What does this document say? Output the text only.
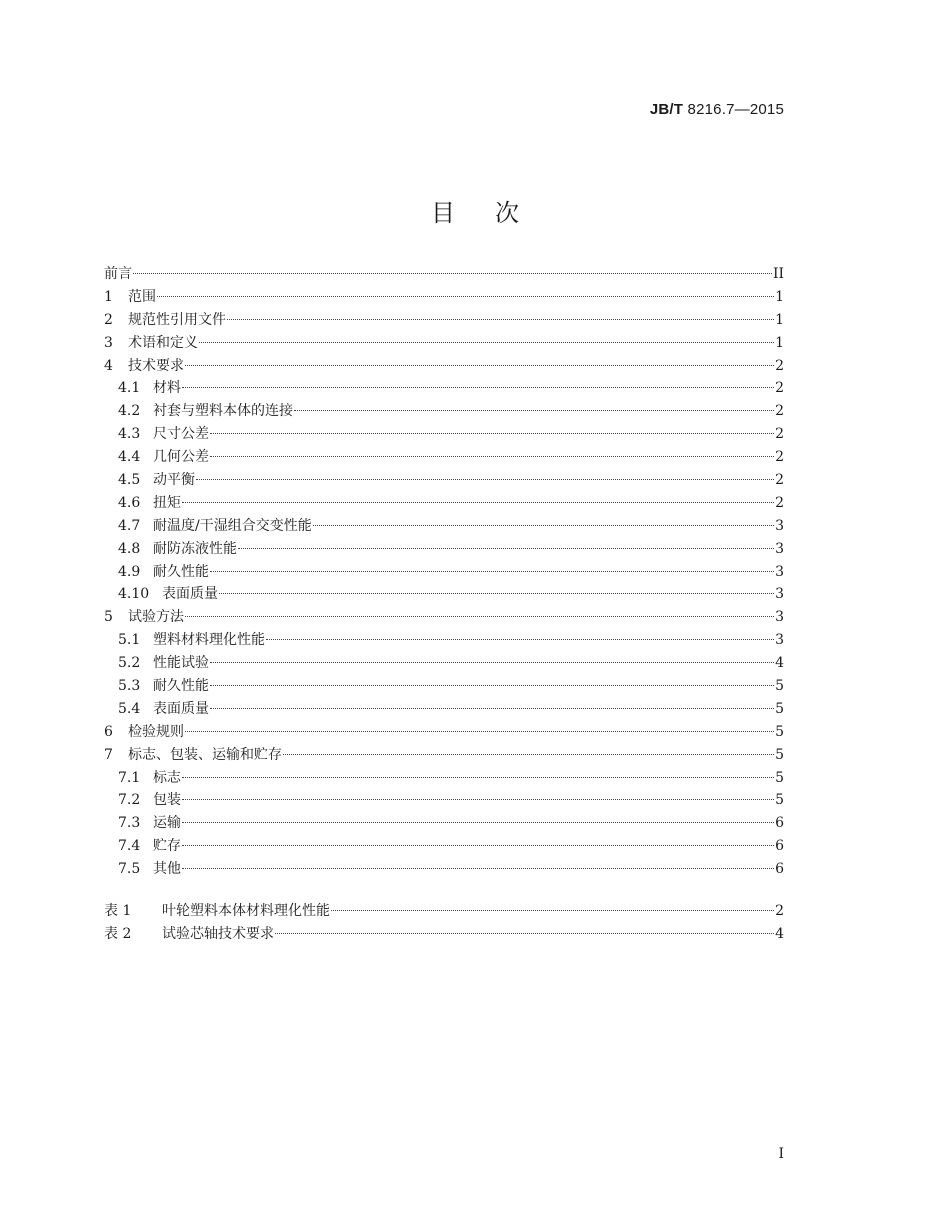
JB/T 8216.7—2015
目次
前言	II
1	范围	1
2	规范性引用文件	1
3	术语和定义	1
4	技术要求	2
4.1 材料	2
4.2 衬套与塑料本体的连接	2
4.3 尺寸公差	2
4.4 几何公差	2
4.5 动平衡	2
4.6 扭矩	2
4.7 耐温度/干湿组合交变性能	3
4.8 耐防冻液性能	3
4.9 耐久性能	3
4.10 表面质量	3
5	试验方法	3
5.1 塑料材料理化性能	3
5.2 性能试验	4
5.3 耐久性能	5
5.4 表面质量	5
6	检验规则	5
7	标志、包装、运输和贮存	5
7.1 标志	5
7.2 包装	5
7.3 运输	6
7.4 贮存	6
7.5 其他	6
表 1	叶轮塑料本体材料理化性能	2
表 2	试验芯轴技术要求	4
I
